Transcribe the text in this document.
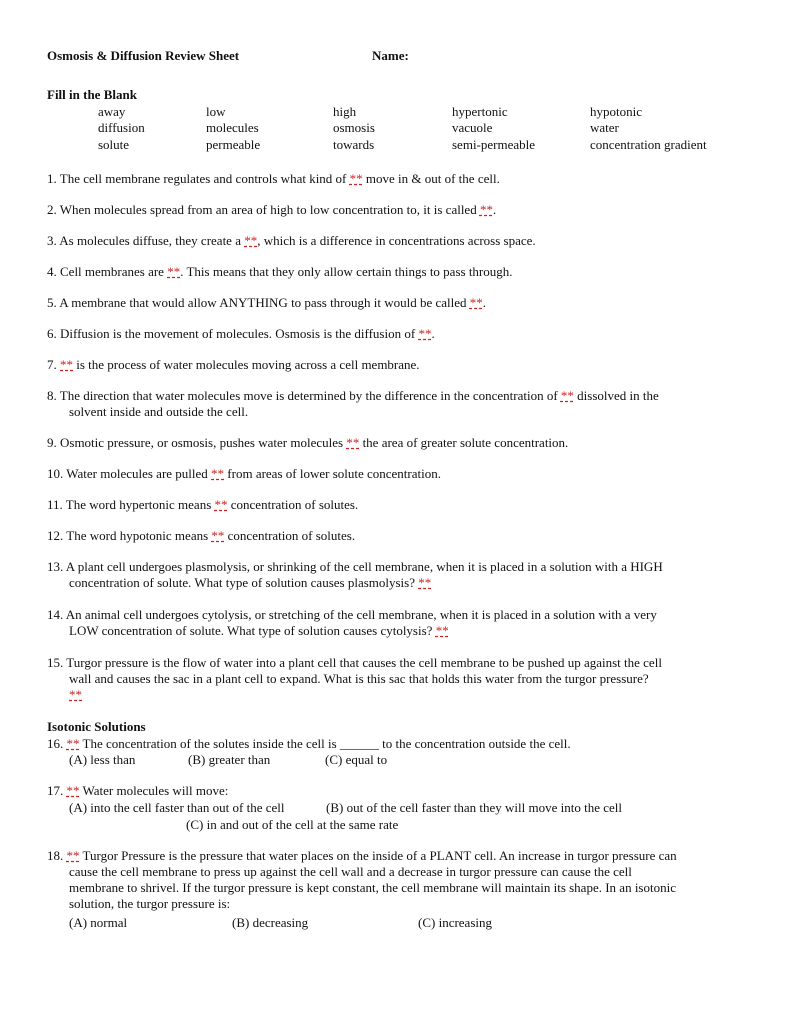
Osmosis & Diffusion Review Sheet	Name:
Fill in the Blank
away	low	high	hypertonic	hypotonic
diffusion	molecules	osmosis	vacuole	water
solute	permeable	towards	semi-permeable	concentration gradient
1. The cell membrane regulates and controls what kind of ** move in & out of the cell.
2. When molecules spread from an area of high to low concentration to, it is called **.
3. As molecules diffuse, they create a **, which is a difference in concentrations across space.
4. Cell membranes are **. This means that they only allow certain things to pass through.
5. A membrane that would allow ANYTHING to pass through it would be called **.
6. Diffusion is the movement of molecules. Osmosis is the diffusion of **.
7. ** is the process of water molecules moving across a cell membrane.
8. The direction that water molecules move is determined by the difference in the concentration of ** dissolved in the
solvent inside and outside the cell.
9. Osmotic pressure, or osmosis, pushes water molecules ** the area of greater solute concentration.
10. Water molecules are pulled ** from areas of lower solute concentration.
11. The word hypertonic means ** concentration of solutes.
12. The word hypotonic means ** concentration of solutes.
13. A plant cell undergoes plasmolysis, or shrinking of the cell membrane, when it is placed in a solution with a HIGH
concentration of solute. What type of solution causes plasmolysis? **
14. An animal cell undergoes cytolysis, or stretching of the cell membrane, when it is placed in a solution with a very
LOW concentration of solute. What type of solution causes cytolysis? **
15. Turgor pressure is the flow of water into a plant cell that causes the cell membrane to be pushed up against the cell
wall and causes the sac in a plant cell to expand. What is this sac that holds this water from the turgor pressure?
**
Isotonic Solutions
16. ** The concentration of the solutes inside the cell is ______ to the concentration outside the cell.
(A) less than	(B) greater than	(C) equal to
17. ** Water molecules will move:
(A) into the cell faster than out of the cell	(B) out of the cell faster than they will move into the cell
(C) in and out of the cell at the same rate
18. ** Turgor Pressure is the pressure that water places on the inside of a PLANT cell. An increase in turgor pressure can
cause the cell membrane to press up against the cell wall and a decrease in turgor pressure can cause the cell
membrane to shrivel. If the turgor pressure is kept constant, the cell membrane will maintain its shape. In an isotonic
solution, the turgor pressure is:
(A) normal	(B) decreasing	(C) increasing
